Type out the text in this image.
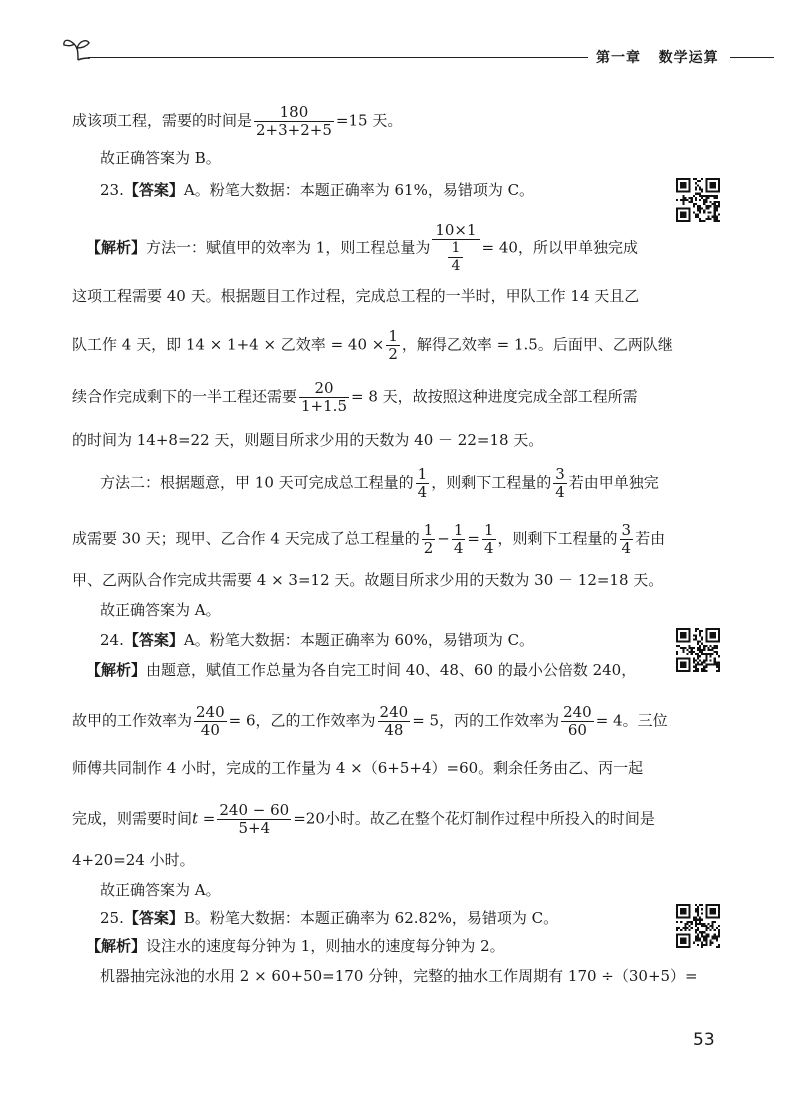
第一章 数学运算
成该项工程，需要的时间是 $\frac{180}{2+3+2+5} =15$ 天。
故正确答案为 B。
23.【答案】A。粉笔大数据：本题正确率为 61%，易错项为 C。
【解析】方法一：赋值甲的效率为 1，则工程总量为 $\frac{10\times 1}{\frac{1}{4}} = 40$，所以甲单独完成
这项工程需要 40 天。根据题目工作过程，完成总工程的一半时，甲队工作 14 天且乙
队工作 4 天，即 14 × 1+4 × 乙效率 = $40 \times \frac{1}{2}$ ，解得乙效率 = 1.5。后面甲、乙两队继
续合作完成剩下的一半工程还需要 $\frac{20}{1+1.5} = 8$ 天，故按照这种进度完成全部工程所需
的时间为 14+8=22 天，则题目所求少用的天数为 40 － 22=18 天。
方法二：根据题意，甲 10 天可完成总工程量的 $\frac{1}{4}$ ，则剩下工程量的 $\frac{3}{4}$ 若由甲单独完
成需要 30 天；现甲、乙合作 4 天完成了总工程量的 $\frac{1}{2} - \frac{1}{4} = \frac{1}{4}$ ，则剩下工程量的 $\frac{3}{4}$ 若由
甲、乙两队合作完成共需要 4 × 3=12 天。故题目所求少用的天数为 30 － 12=18 天。
故正确答案为 A。
24.【答案】A。粉笔大数据：本题正确率为 60%，易错项为 C。
【解析】由题意，赋值工作总量为各自完工时间 40、48、60 的最小公倍数 240，
故甲的工作效率为 $\frac{240}{40} = 6$，乙的工作效率为 $\frac{240}{48} = 5$，丙的工作效率为 $\frac{240}{60} = 4$。三位
师傅共同制作 4 小时，完成的工作量为 4 ×（6+5+4）=60。剩余任务由乙、丙一起
完成，则需要时间$t = \frac{240 - 60}{5+4} =20$小时。故乙在整个花灯制作过程中所投入的时间是
4+20=24 小时。
故正确答案为 A。
25.【答案】B。粉笔大数据：本题正确率为 62.82%，易错项为 C。
【解析】设注水的速度每分钟为 1，则抽水的速度每分钟为 2。
机器抽完泳池的水用 2 × 60+50=170 分钟，完整的抽水工作周期有 170 ÷（30+5）=
53
